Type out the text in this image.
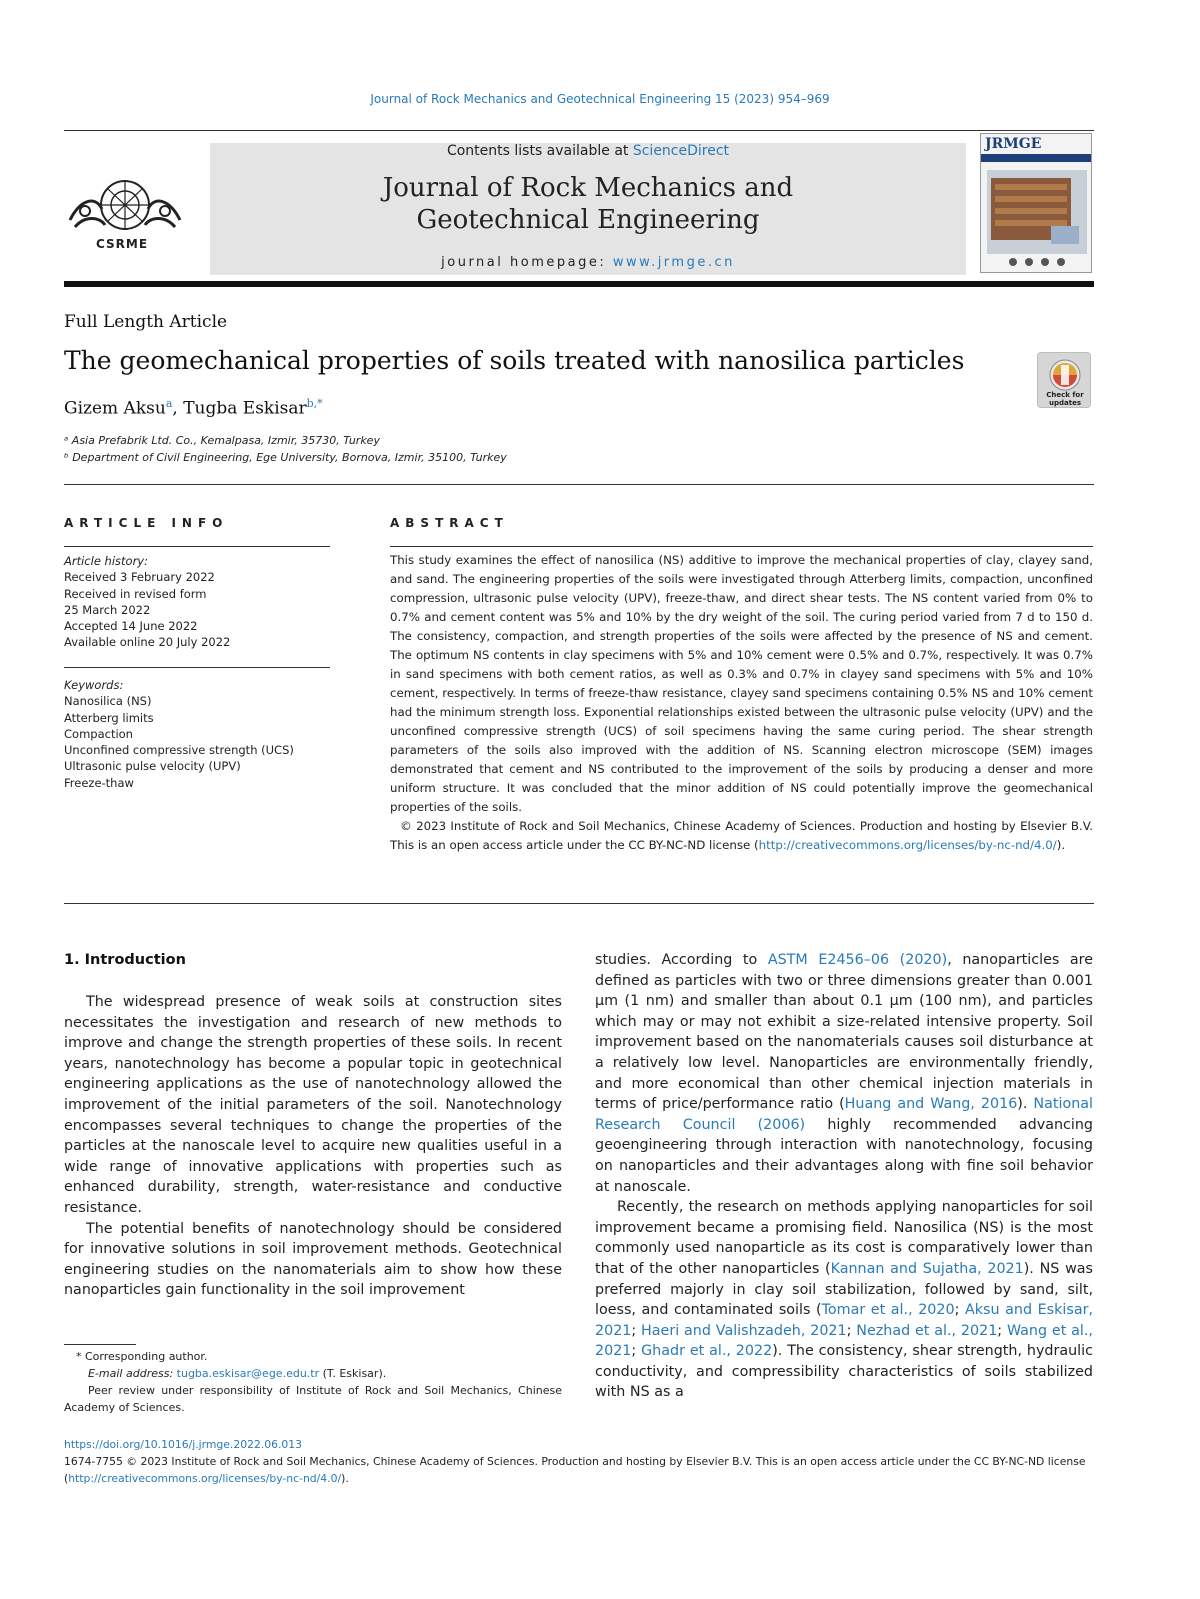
Journal of Rock Mechanics and Geotechnical Engineering 15 (2023) 954–969
CSRME
Contents lists available at ScienceDirect
Journal of Rock Mechanics and
Geotechnical Engineering
journal homepage: www.jrmge.cn
JRMGE
Full Length Article
The geomechanical properties of soils treated with nanosilica particles
Check for updates
Gizem Aksu$^a$, Tugba Eskisar$^{b,*}$
ᵃ Asia Prefabrik Ltd. Co., Kemalpasa, Izmir, 35730, Turkey
ᵇ Department of Civil Engineering, Ege University, Bornova, Izmir, 35100, Turkey
ARTICLE INFO
Article history:
Received 3 February 2022
Received in revised form
25 March 2022
Accepted 14 June 2022
Available online 20 July 2022
Keywords:
Nanosilica (NS)
Atterberg limits
Compaction
Unconfined compressive strength (UCS)
Ultrasonic pulse velocity (UPV)
Freeze-thaw
ABSTRACT

This study examines the effect of nanosilica (NS) additive to improve the mechanical properties of clay, clayey sand, and sand. The engineering properties of the soils were investigated through Atterberg limits, compaction, unconfined compression, ultrasonic pulse velocity (UPV), freeze-thaw, and direct shear tests. The NS content varied from 0% to 0.7% and cement content was 5% and 10% by the dry weight of the soil. The curing period varied from 7 d to 150 d. The consistency, compaction, and strength properties of the soils were affected by the presence of NS and cement. The optimum NS contents in clay specimens with 5% and 10% cement were 0.5% and 0.7%, respectively. It was 0.7% in sand specimens with both cement ratios, as well as 0.3% and 0.7% in clayey sand specimens with 5% and 10% cement, respectively. In terms of freeze-thaw resistance, clayey sand specimens containing 0.5% NS and 10% cement had the minimum strength loss. Exponential relationships existed between the ultrasonic pulse velocity (UPV) and the unconfined compressive strength (UCS) of soil specimens having the same curing period. The shear strength parameters of the soils also improved with the addition of NS. Scanning electron microscope (SEM) images demonstrated that cement and NS contributed to the improvement of the soils by producing a denser and more uniform structure. It was concluded that the minor addition of NS could potentially improve the geomechanical properties of the soils.

© 2023 Institute of Rock and Soil Mechanics, Chinese Academy of Sciences. Production and hosting by Elsevier B.V. This is an open access article under the CC BY-NC-ND license (http://creativecommons.org/licenses/by-nc-nd/4.0/).

1. Introduction

The widespread presence of weak soils at construction sites necessitates the investigation and research of new methods to improve and change the strength properties of these soils. In recent years, nanotechnology has become a popular topic in geotechnical engineering applications as the use of nanotechnology allowed the improvement of the initial parameters of the soil. Nanotechnology encompasses several techniques to change the properties of the particles at the nanoscale level to acquire new qualities useful in a wide range of innovative applications with properties such as enhanced durability, strength, water-resistance and conductive resistance.

The potential benefits of nanotechnology should be considered for innovative solutions in soil improvement methods. Geotechnical engineering studies on the nanomaterials aim to show how these nanoparticles gain functionality in the soil improvement

studies. According to ASTM E2456–06 (2020), nanoparticles are defined as particles with two or three dimensions greater than 0.001 μm (1 nm) and smaller than about 0.1 μm (100 nm), and particles which may or may not exhibit a size-related intensive property. Soil improvement based on the nanomaterials causes soil disturbance at a relatively low level. Nanoparticles are environmentally friendly, and more economical than other chemical injection materials in terms of price/performance ratio (Huang and Wang, 2016). National Research Council (2006) highly recommended advancing geoengineering through interaction with nanotechnology, focusing on nanoparticles and their advantages along with fine soil behavior at nanoscale.

Recently, the research on methods applying nanoparticles for soil improvement became a promising field. Nanosilica (NS) is the most commonly used nanoparticle as its cost is comparatively lower than that of the other nanoparticles (Kannan and Sujatha, 2021). NS was preferred majorly in clay soil stabilization, followed by sand, silt, loess, and contaminated soils (Tomar et al., 2020; Aksu and Eskisar, 2021; Haeri and Valishzadeh, 2021; Nezhad et al., 2021; Wang et al., 2021; Ghadr et al., 2022). The consistency, shear strength, hydraulic conductivity, and compressibility characteristics of soils stabilized with NS as a

* Corresponding author.
E-mail address: tugba.eskisar@ege.edu.tr (T. Eskisar).
Peer review under responsibility of Institute of Rock and Soil Mechanics, Chinese Academy of Sciences.
https://doi.org/10.1016/j.jrmge.2022.06.013
1674-7755 © 2023 Institute of Rock and Soil Mechanics, Chinese Academy of Sciences. Production and hosting by Elsevier B.V. This is an open access article under the CC BY-NC-ND license (http://creativecommons.org/licenses/by-nc-nd/4.0/).
